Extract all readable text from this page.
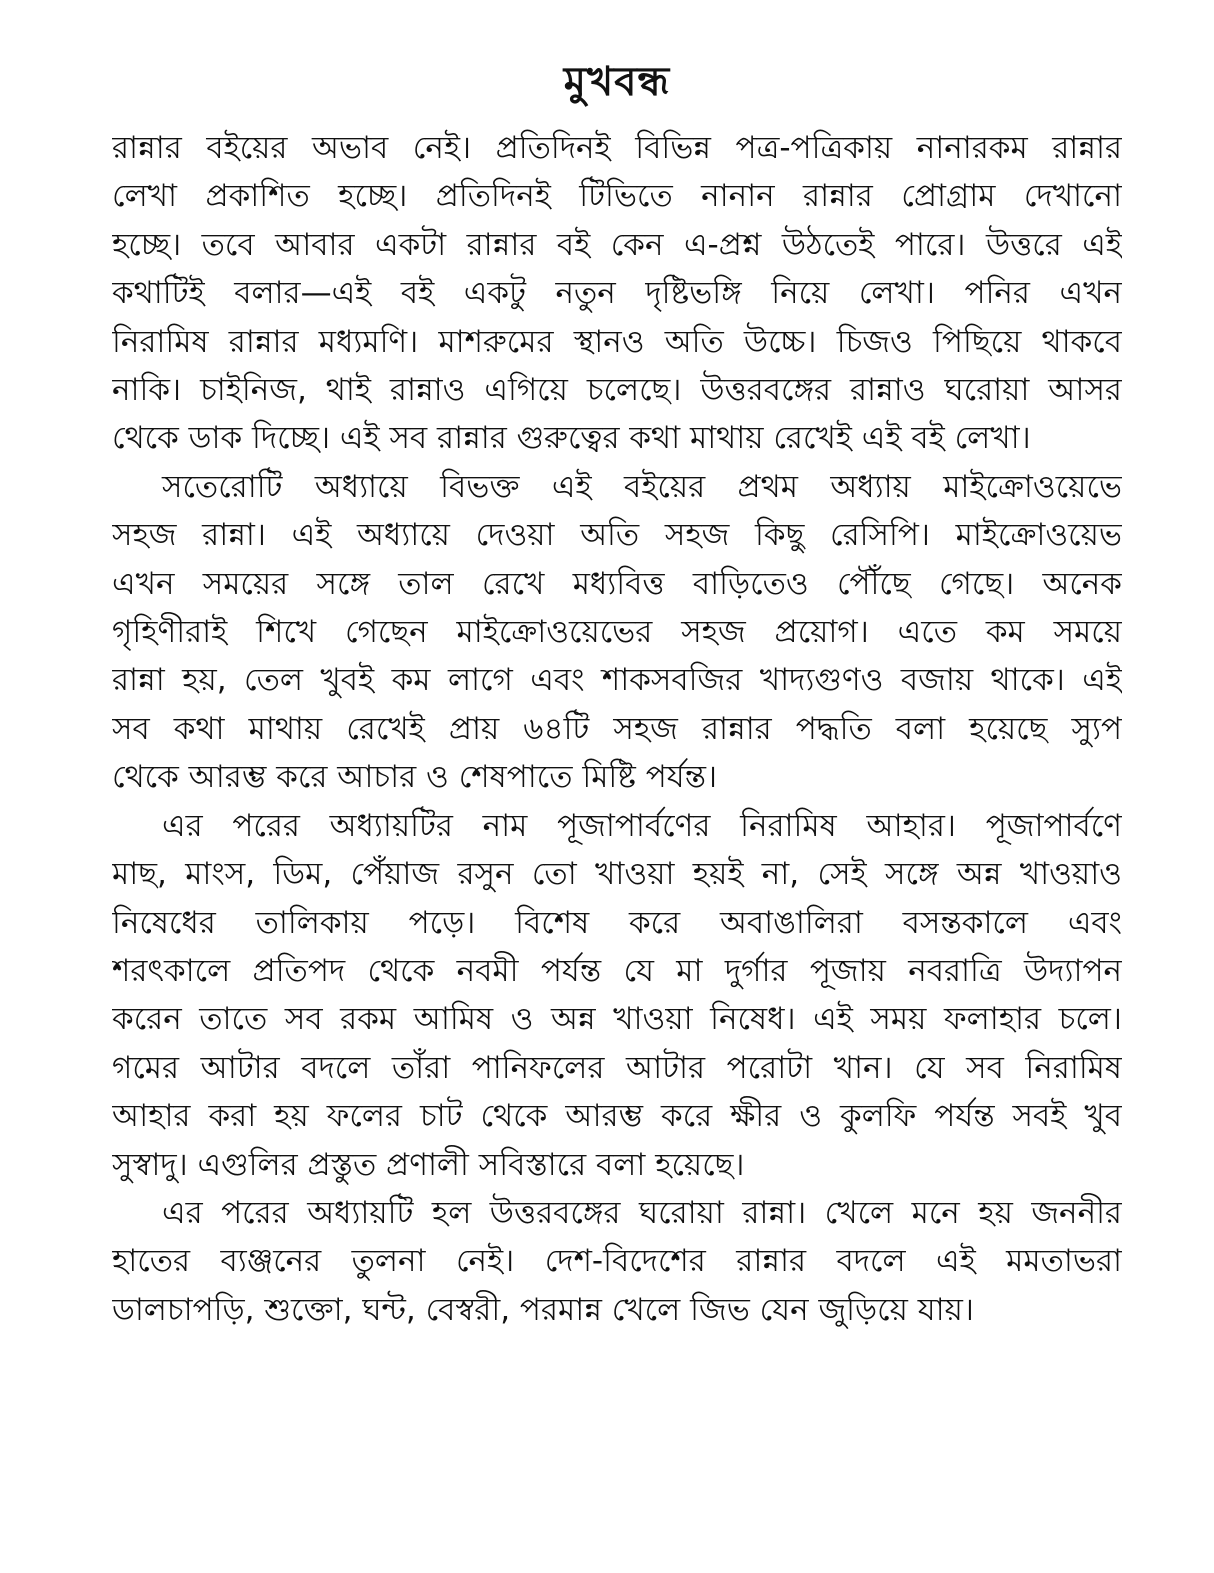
মুখবন্ধ
রান্নার বইয়ের অভাব নেই। প্রতিদিনই বিভিন্ন পত্র-পত্রিকায় নানারকম রান্নার
লেখা প্রকাশিত হচ্ছে। প্রতিদিনই টিভিতে নানান রান্নার প্রোগ্রাম দেখানো
হচ্ছে। তবে আবার একটা রান্নার বই কেন এ-প্রশ্ন উঠতেই পারে। উত্তরে এই
কথাটিই বলার—এই বই একটু নতুন দৃষ্টিভঙ্গি নিয়ে লেখা। পনির এখন
নিরামিষ রান্নার মধ্যমণি। মাশরুমের স্থানও অতি উচ্চে। চিজও পিছিয়ে থাকবে
নাকি। চাইনিজ, থাই রান্নাও এগিয়ে চলেছে। উত্তরবঙ্গের রান্নাও ঘরোয়া আসর
থেকে ডাক দিচ্ছে। এই সব রান্নার গুরুত্বের কথা মাথায় রেখেই এই বই লেখা।
সতেরোটি অধ্যায়ে বিভক্ত এই বইয়ের প্রথম অধ্যায় মাইক্রোওয়েভে
সহজ রান্না। এই অধ্যায়ে দেওয়া অতি সহজ কিছু রেসিপি। মাইক্রোওয়েভ
এখন সময়ের সঙ্গে তাল রেখে মধ্যবিত্ত বাড়িতেও পৌঁছে গেছে। অনেক
গৃহিণীরাই শিখে গেছেন মাইক্রোওয়েভের সহজ প্রয়োগ। এতে কম সময়ে
রান্না হয়, তেল খুবই কম লাগে এবং শাকসবজির খাদ্যগুণও বজায় থাকে। এই
সব কথা মাথায় রেখেই প্রায় ৬৪টি সহজ রান্নার পদ্ধতি বলা হয়েছে স্যুপ
থেকে আরম্ভ করে আচার ও শেষপাতে মিষ্টি পর্যন্ত।
এর পরের অধ্যায়টির নাম পূজাপার্বণের নিরামিষ আহার। পূজাপার্বণে
মাছ, মাংস, ডিম, পেঁয়াজ রসুন তো খাওয়া হয়ই না, সেই সঙ্গে অন্ন খাওয়াও
নিষেধের তালিকায় পড়ে। বিশেষ করে অবাঙালিরা বসন্তকালে এবং
শরৎকালে প্রতিপদ থেকে নবমী পর্যন্ত যে মা দুর্গার পূজায় নবরাত্রি উদ্যাপন
করেন তাতে সব রকম আমিষ ও অন্ন খাওয়া নিষেধ। এই সময় ফলাহার চলে।
গমের আটার বদলে তাঁরা পানিফলের আটার পরোটা খান। যে সব নিরামিষ
আহার করা হয় ফলের চাট থেকে আরম্ভ করে ক্ষীর ও কুলফি পর্যন্ত সবই খুব
সুস্বাদু। এগুলির প্রস্তুত প্রণালী সবিস্তারে বলা হয়েছে।
এর পরের অধ্যায়টি হল উত্তরবঙ্গের ঘরোয়া রান্না। খেলে মনে হয় জননীর
হাতের ব্যঞ্জনের তুলনা নেই। দেশ-বিদেশের রান্নার বদলে এই মমতাভরা
ডালচাপড়ি, শুক্তো, ঘন্ট, বেস্বরী, পরমান্ন খেলে জিভ যেন জুড়িয়ে যায়।
